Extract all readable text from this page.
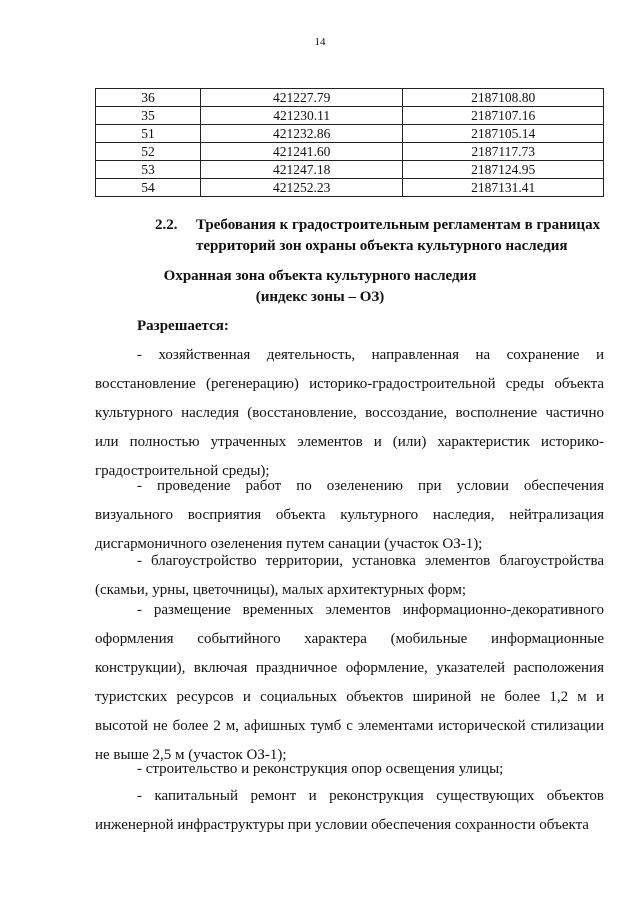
14
36	421227.79	2187108.80
35	421230.11	2187107.16
51	421232.86	2187105.14
52	421241.60	2187117.73
53	421247.18	2187124.95
54	421252.23	2187131.41
2.2.	Требования к градостроительным регламентам в границах территорий зон охраны объекта культурного наследия
Охранная зона объекта культурного наследия
(индекс зоны – ОЗ)
Разрешается:
- хозяйственная деятельность, направленная на сохранение и восстановление (регенерацию) историко-градостроительной среды объекта культурного наследия (восстановление, воссоздание, восполнение частично или полностью утраченных элементов и (или) характеристик историко-градостроительной среды);
- проведение работ по озеленению при условии обеспечения визуального восприятия объекта культурного наследия, нейтрализация дисгармоничного озеленения путем санации (участок ОЗ-1);
- благоустройство территории, установка элементов благоустройства (скамьи, урны, цветочницы), малых архитектурных форм;
- размещение временных элементов информационно-декоративного оформления событийного характера (мобильные информационные конструкции), включая праздничное оформление, указателей расположения туристских ресурсов и социальных объектов шириной не более 1,2 м и высотой не более 2 м, афишных тумб с элементами исторической стилизации не выше 2,5 м (участок ОЗ-1);
- строительство и реконструкция опор освещения улицы;
- капитальный ремонт и реконструкция существующих объектов инженерной инфраструктуры при условии обеспечения сохранности объекта
